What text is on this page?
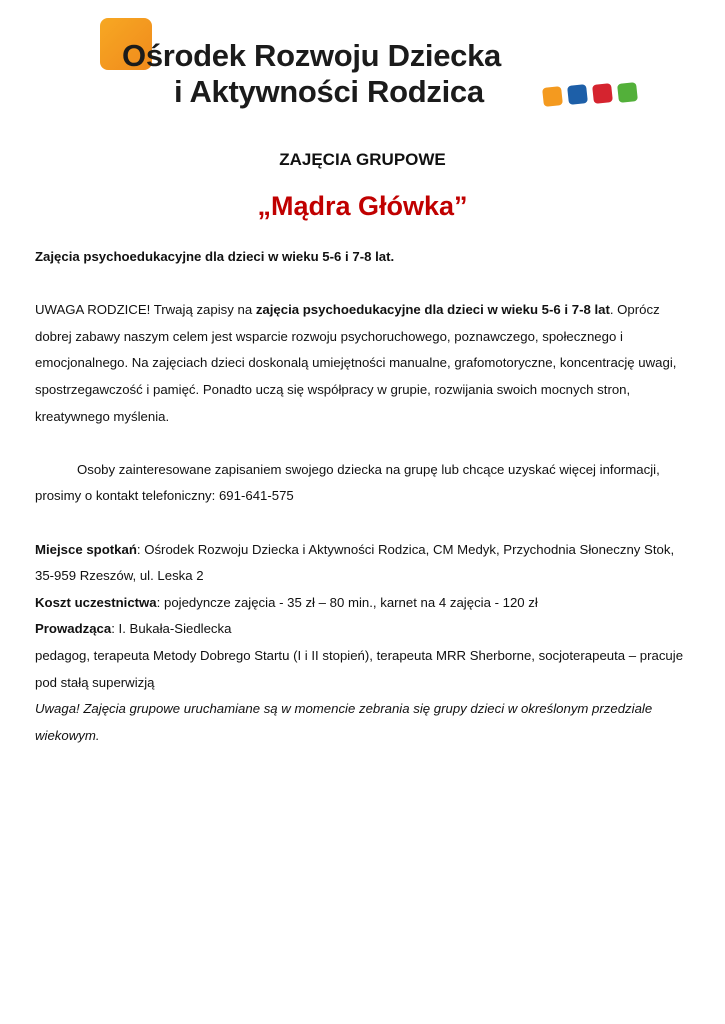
Ośrodek Rozwoju Dziecka
i Aktywności Rodzica
ZAJĘCIA GRUPOWE
„Mądra Główka”

Zajęcia psychoedukacyjne dla dzieci w wieku 5-6 i 7-8 lat.

UWAGA RODZICE! Trwają zapisy na zajęcia psychoedukacyjne dla dzieci w wieku 5-6 i 7-8 lat. Oprócz dobrej zabawy naszym celem jest wsparcie rozwoju psychoruchowego, poznawczego, społecznego i emocjonalnego. Na zajęciach dzieci doskonalą umiejętności manualne, grafomotoryczne, koncentrację uwagi, spostrzegawczość i pamięć. Ponadto uczą się współpracy w grupie, rozwijania swoich mocnych stron, kreatywnego myślenia.

Osoby zainteresowane zapisaniem swojego dziecka na grupę lub chcące uzyskać więcej informacji, prosimy o kontakt telefoniczny: 691-641-575

Miejsce spotkań: Ośrodek Rozwoju Dziecka i Aktywności Rodzica, CM Medyk, Przychodnia Słoneczny Stok, 35-959 Rzeszów, ul. Leska 2

Koszt uczestnictwa: pojedyncze zajęcia - 35 zł – 80 min., karnet na 4 zajęcia - 120 zł

Prowadząca: I. Bukała-Siedlecka

pedagog, terapeuta Metody Dobrego Startu (I i II stopień), terapeuta MRR Sherborne, socjoterapeuta – pracuje pod stałą superwizją

Uwaga! Zajęcia grupowe uruchamiane są w momencie zebrania się grupy dzieci w określonym przedziale wiekowym.
